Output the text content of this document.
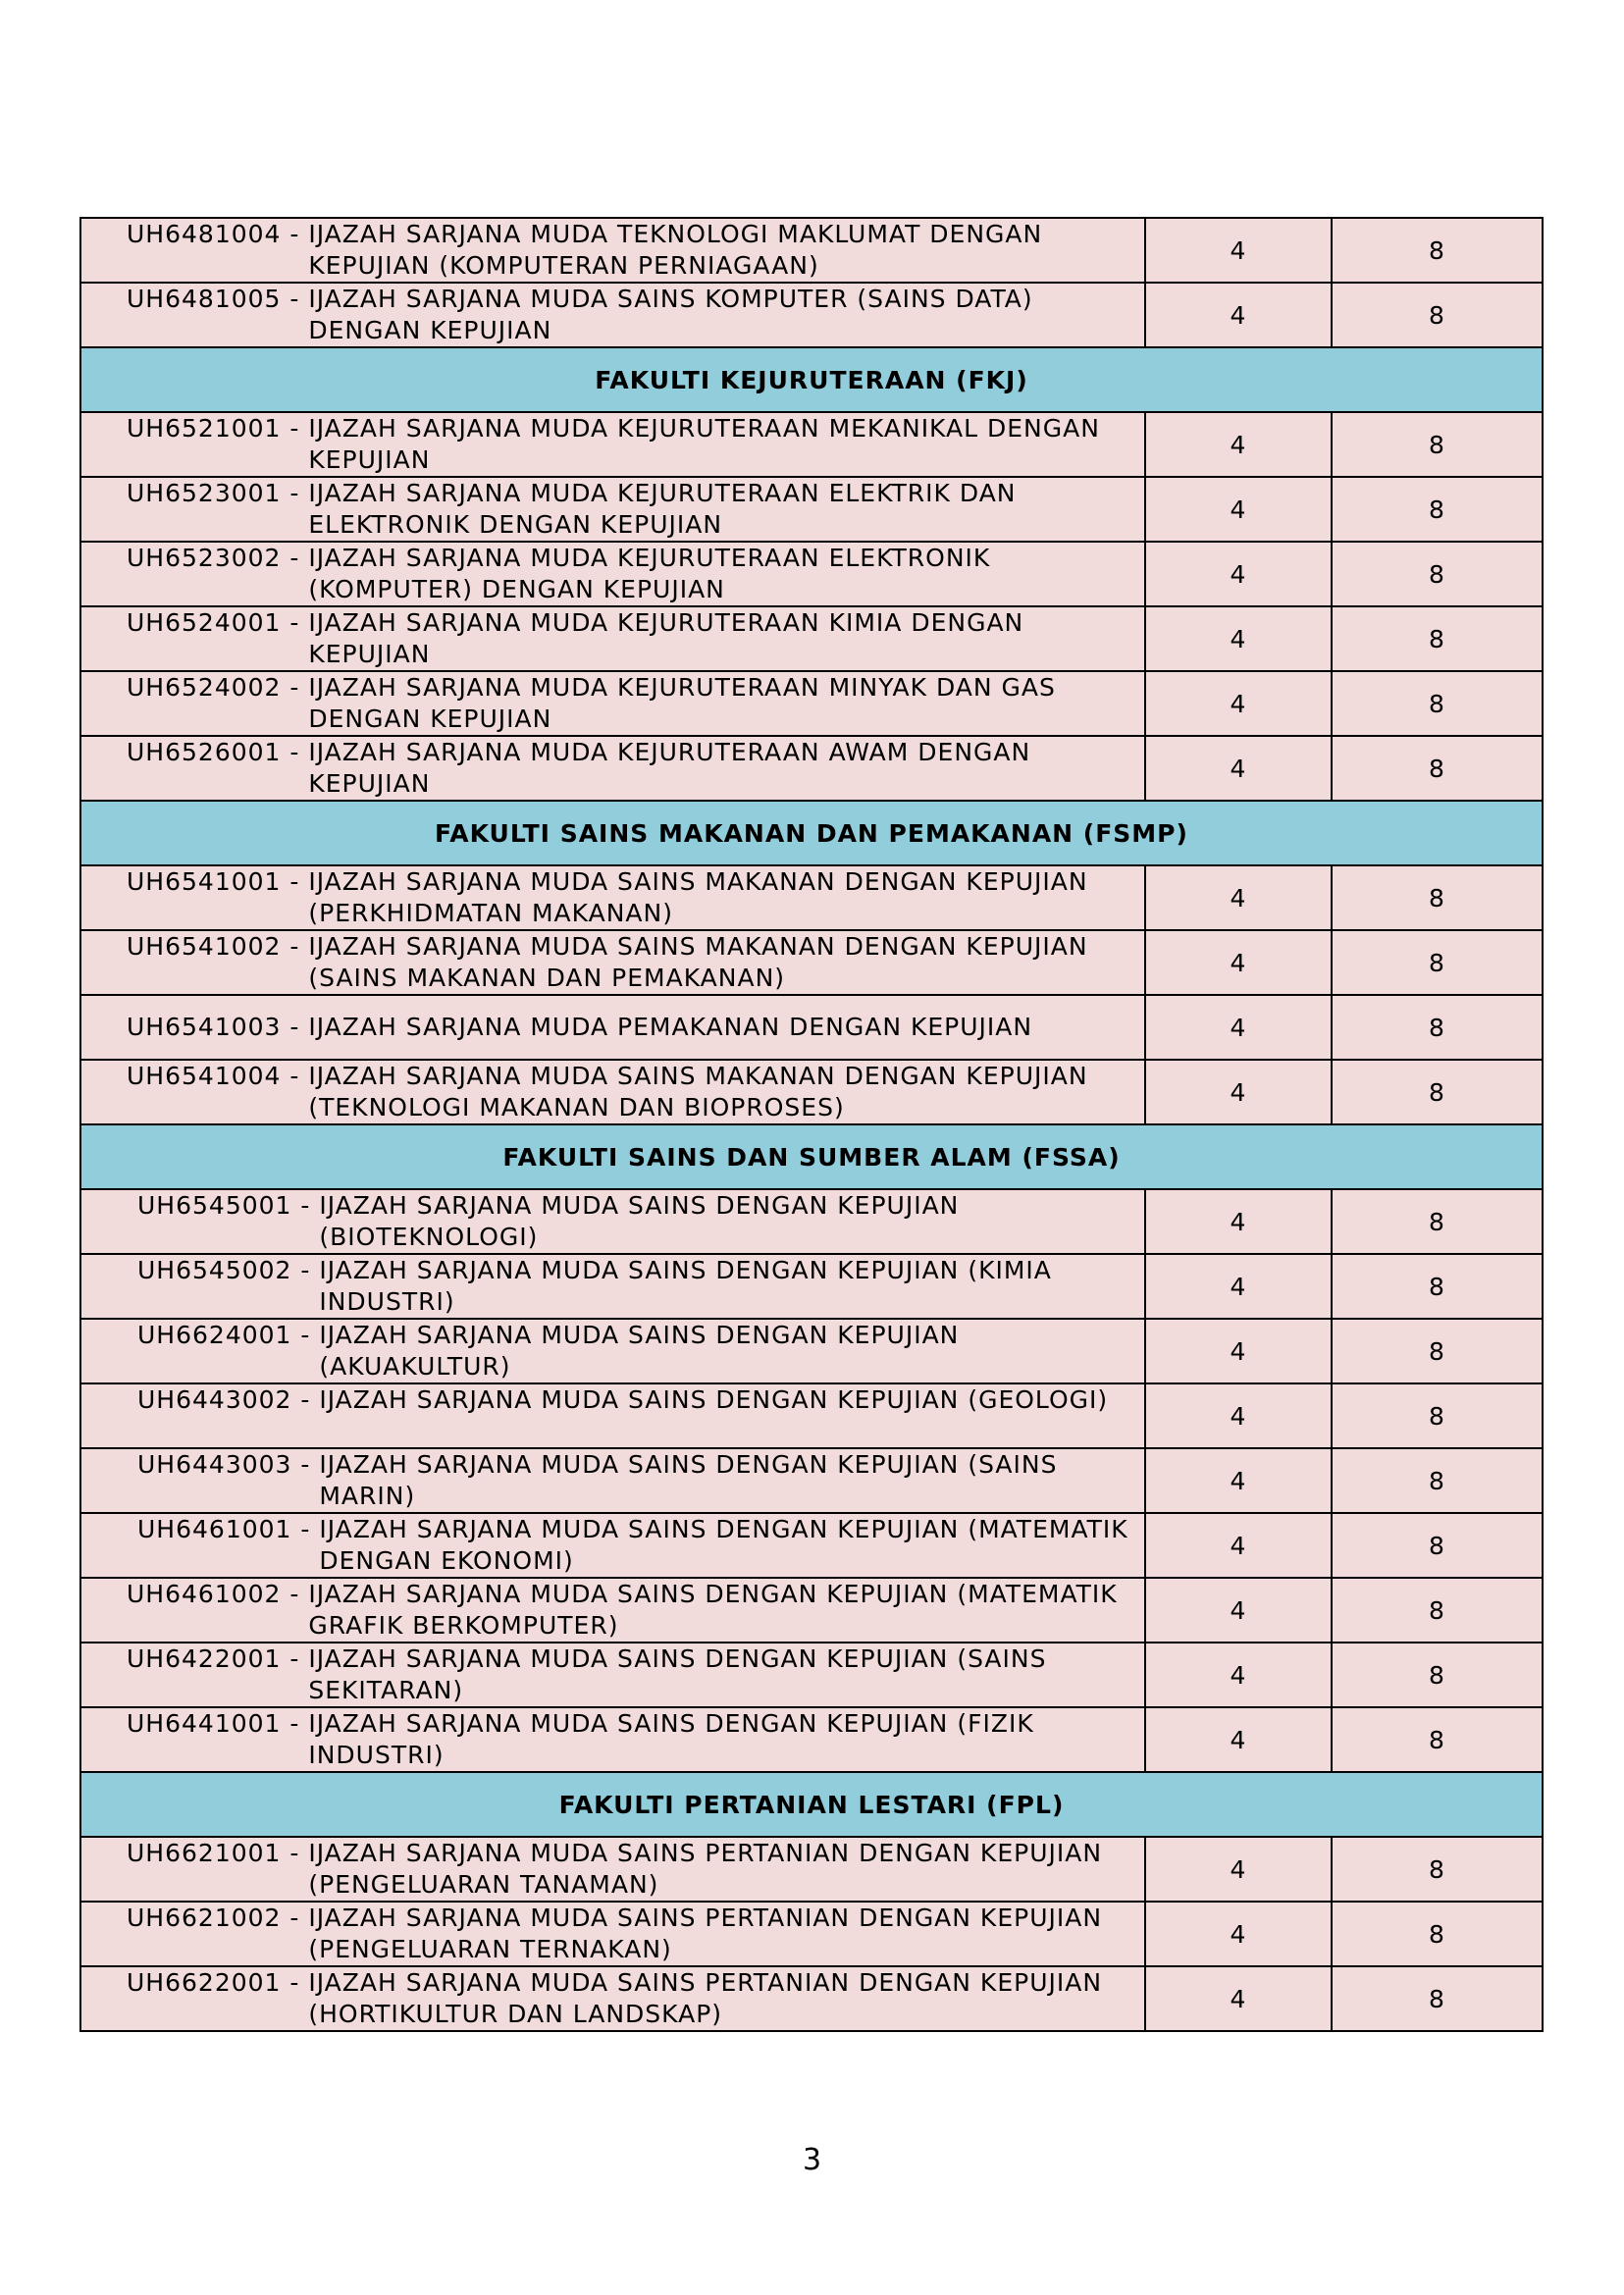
UH6481004 - IJAZAH SARJANA MUDA TEKNOLOGI MAKLUMAT DENGAN KEPUJIAN (KOMPUTERAN PERNIAGAAN)	4	8

UH6481005 - IJAZAH SARJANA MUDA SAINS KOMPUTER (SAINS DATA) DENGAN KEPUJIAN	4	8
FAKULTI KEJURUTERAAN (FKJ)		

UH6521001 - IJAZAH SARJANA MUDA KEJURUTERAAN MEKANIKAL DENGAN KEPUJIAN	4	8

UH6523001 - IJAZAH SARJANA MUDA KEJURUTERAAN ELEKTRIK DAN ELEKTRONIK DENGAN KEPUJIAN	4	8

UH6523002 - IJAZAH SARJANA MUDA KEJURUTERAAN ELEKTRONIK (KOMPUTER) DENGAN KEPUJIAN	4	8

UH6524001 - IJAZAH SARJANA MUDA KEJURUTERAAN KIMIA DENGAN KEPUJIAN	4	8

UH6524002 - IJAZAH SARJANA MUDA KEJURUTERAAN MINYAK DAN GAS DENGAN KEPUJIAN	4	8

UH6526001 - IJAZAH SARJANA MUDA KEJURUTERAAN AWAM DENGAN KEPUJIAN	4	8
FAKULTI SAINS MAKANAN DAN PEMAKANAN (FSMP)		

UH6541001 - IJAZAH SARJANA MUDA SAINS MAKANAN DENGAN KEPUJIAN (PERKHIDMATAN MAKANAN)	4	8

UH6541002 - IJAZAH SARJANA MUDA SAINS MAKANAN DENGAN KEPUJIAN (SAINS MAKANAN DAN PEMAKANAN)	4	8

UH6541003 - IJAZAH SARJANA MUDA PEMAKANAN DENGAN KEPUJIAN	4	8

UH6541004 - IJAZAH SARJANA MUDA SAINS MAKANAN DENGAN KEPUJIAN (TEKNOLOGI MAKANAN DAN BIOPROSES)	4	8
FAKULTI SAINS DAN SUMBER ALAM (FSSA)		

UH6545001 - IJAZAH SARJANA MUDA SAINS DENGAN KEPUJIAN (BIOTEKNOLOGI)	4	8

UH6545002 - IJAZAH SARJANA MUDA SAINS DENGAN KEPUJIAN (KIMIA INDUSTRI)	4	8

UH6624001 - IJAZAH SARJANA MUDA SAINS DENGAN KEPUJIAN (AKUAKULTUR)	4	8

UH6443002 - IJAZAH SARJANA MUDA SAINS DENGAN KEPUJIAN (GEOLOGI)	4	8

UH6443003 - IJAZAH SARJANA MUDA SAINS DENGAN KEPUJIAN (SAINS MARIN)	4	8

UH6461001 - IJAZAH SARJANA MUDA SAINS DENGAN KEPUJIAN (MATEMATIK DENGAN EKONOMI)	4	8

UH6461002 - IJAZAH SARJANA MUDA SAINS DENGAN KEPUJIAN (MATEMATIK GRAFIK BERKOMPUTER)	4	8

UH6422001 - IJAZAH SARJANA MUDA SAINS DENGAN KEPUJIAN (SAINS SEKITARAN)	4	8

UH6441001 - IJAZAH SARJANA MUDA SAINS DENGAN KEPUJIAN (FIZIK INDUSTRI)	4	8
FAKULTI PERTANIAN LESTARI (FPL)		

UH6621001 - IJAZAH SARJANA MUDA SAINS PERTANIAN DENGAN KEPUJIAN (PENGELUARAN TANAMAN)	4	8

UH6621002 - IJAZAH SARJANA MUDA SAINS PERTANIAN DENGAN KEPUJIAN (PENGELUARAN TERNAKAN)	4	8

UH6622001 - IJAZAH SARJANA MUDA SAINS PERTANIAN DENGAN KEPUJIAN (HORTIKULTUR DAN LANDSKAP)	4	8
3
